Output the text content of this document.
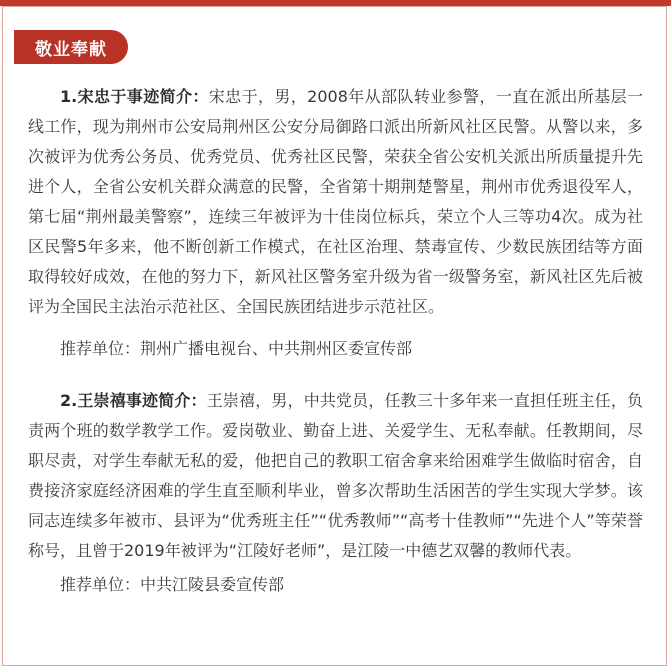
敬业奉献

1.宋忠于事迹简介：宋忠于，男，2008年从部队转业参警，一直在派出所基层一线工作，现为荆州市公安局荆州区公安分局御路口派出所新风社区民警。从警以来，多次被评为优秀公务员、优秀党员、优秀社区民警，荣获全省公安机关派出所质量提升先进个人，全省公安机关群众满意的民警，全省第十期荆楚警星，荆州市优秀退役军人，第七届“荆州最美警察”，连续三年被评为十佳岗位标兵，荣立个人三等功4次。成为社区民警5年多来，他不断创新工作模式，在社区治理、禁毒宣传、少数民族团结等方面取得较好成效，在他的努力下，新风社区警务室升级为省一级警务室，新风社区先后被评为全国民主法治示范社区、全国民族团结进步示范社区。

推荐单位：荆州广播电视台、中共荆州区委宣传部

2.王崇禧事迹简介：王崇禧，男，中共党员，任教三十多年来一直担任班主任，负责两个班的数学教学工作。爱岗敬业、勤奋上进、关爱学生、无私奉献。任教期间，尽职尽责，对学生奉献无私的爱，他把自己的教职工宿舍拿来给困难学生做临时宿舍，自费接济家庭经济困难的学生直至顺利毕业，曾多次帮助生活困苦的学生实现大学梦。该同志连续多年被市、县评为“优秀班主任”“优秀教师”“高考十佳教师”“先进个人”等荣誉称号，且曾于2019年被评为“江陵好老师”，是江陵一中德艺双馨的教师代表。

推荐单位：中共江陵县委宣传部
